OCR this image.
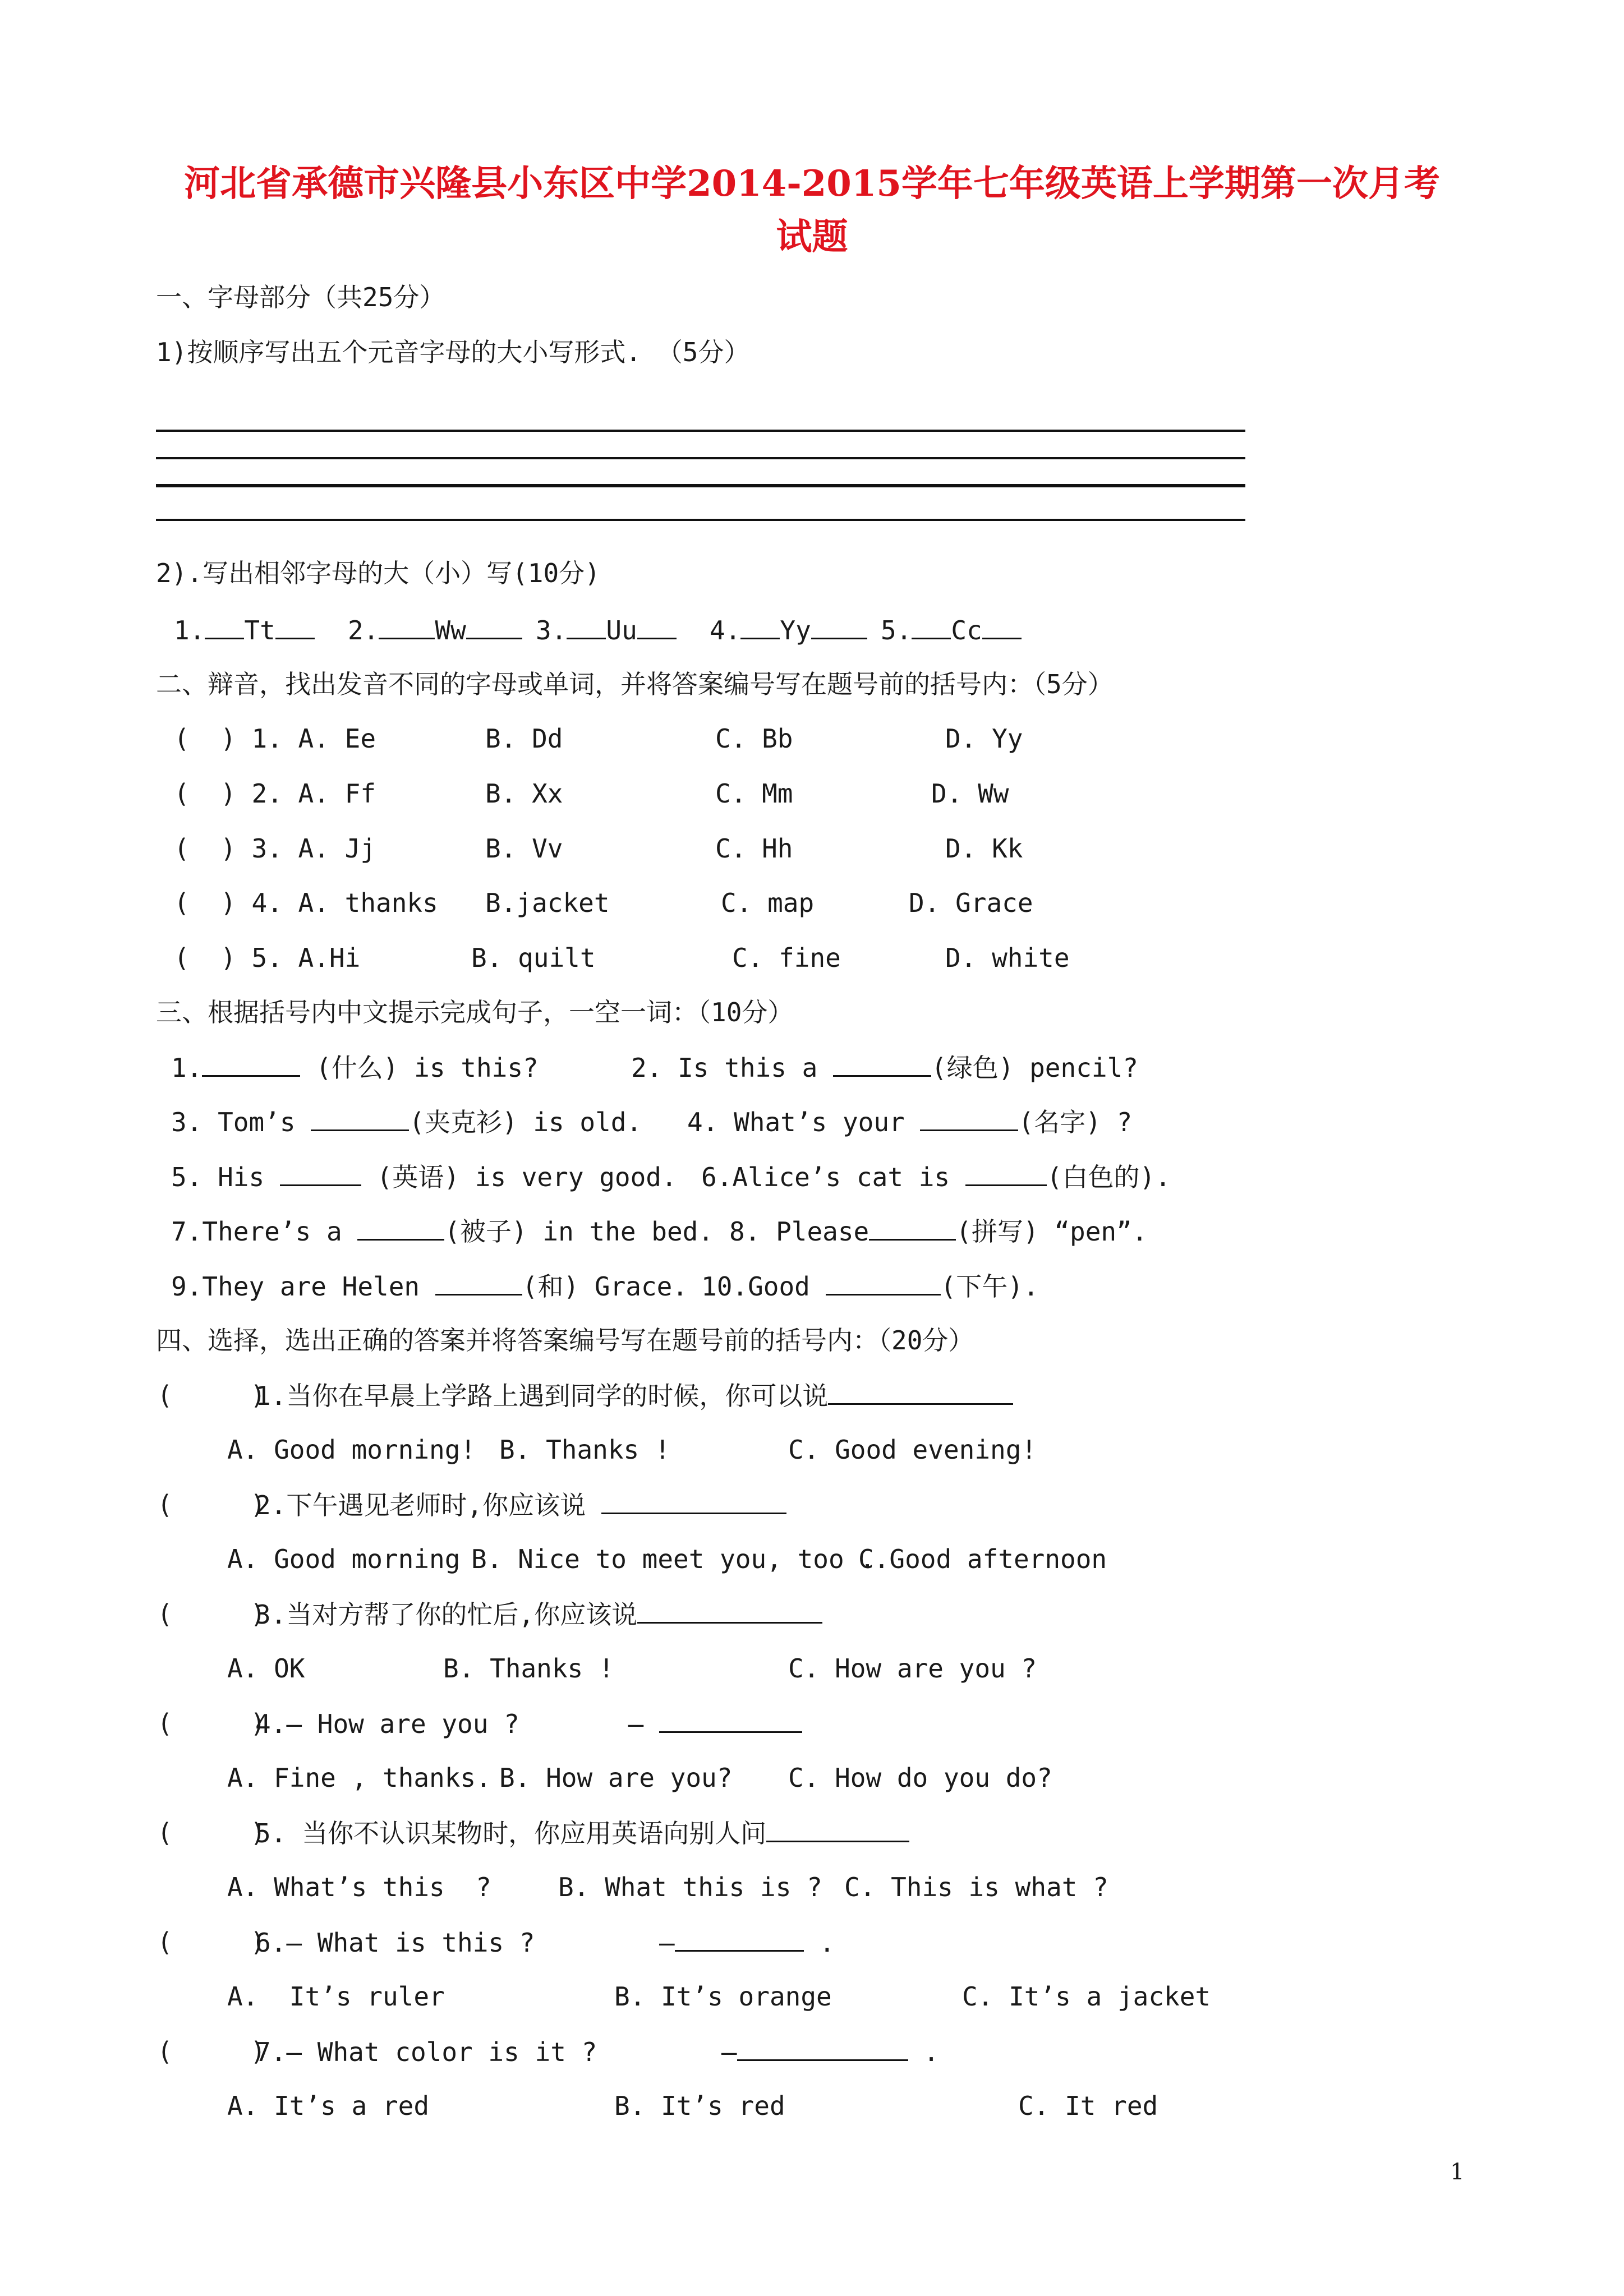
河北省承德市兴隆县小东区中学2014-2015学年七年级英语上学期第一次月考
试题
一、字母部分（共25分）
1)按顺序写出五个元音字母的大小写形式. （5分）
2).写出相邻字母的大（小）写(10分)
1. Tt	2. Ww	3. Uu	4. Yy	5. Cc
二、辩音，找出发音不同的字母或单词，并将答案编号写在题号前的括号内：（5分）
(  ) 1. A. Ee	B. Dd	C. Bb	D. Yy
(  ) 2. A. Ff	B. Xx	C. Mm	D. Ww
(  ) 3. A. Jj	B. Vv	C. Hh	D. Kk
(  ) 4. A. thanks B.jacket	C. map	D. Grace
(  ) 5. A.Hi	B. quilt	C. fine	D. white
三、根据括号内中文提示完成句子，一空一词：（10分）
1.	(什么) is this?	2. Is this a	(绿色) pencil?
3. Tom’s	(夹克衫) is old. 4. What’s your	(名字) ?
5. His	(英语) is very good. 6.Alice’s cat is	(白色的).
7.There’s a	(被子) in the bed. 8. Please	(拼写) “pen”.
9.They are Helen	(和) Grace. 10.Good	(下午).
四、选择，选出正确的答案并将答案编号写在题号前的括号内：（20分）
(     )
1.当你在早晨上学路上遇到同学的时候，你可以说
A. Good morning! B. Thanks !	C. Good evening!
(     )
2.下午遇见老师时,你应该说
A. Good morning B. Nice to meet you, too .
C.Good afternoon
(     )
3.当对方帮了你的忙后,你应该说
A. OK	B. Thanks !	C. How are you ?
(     )
4.— How are you ?       —
A. Fine , thanks. B. How are you? C. How do you do?
(     )
5. 当你不认识某物时，你应用英语向别人问
A. What’s this  ?	B. What this is ? C. This is what ?
(     )
6.— What is this ?        —	.
A.  It’s ruler	B. It’s orange	C. It’s a jacket
(     )
7.— What color is it ?        —	.
A. It’s a red	B. It’s red	C. It red
1
